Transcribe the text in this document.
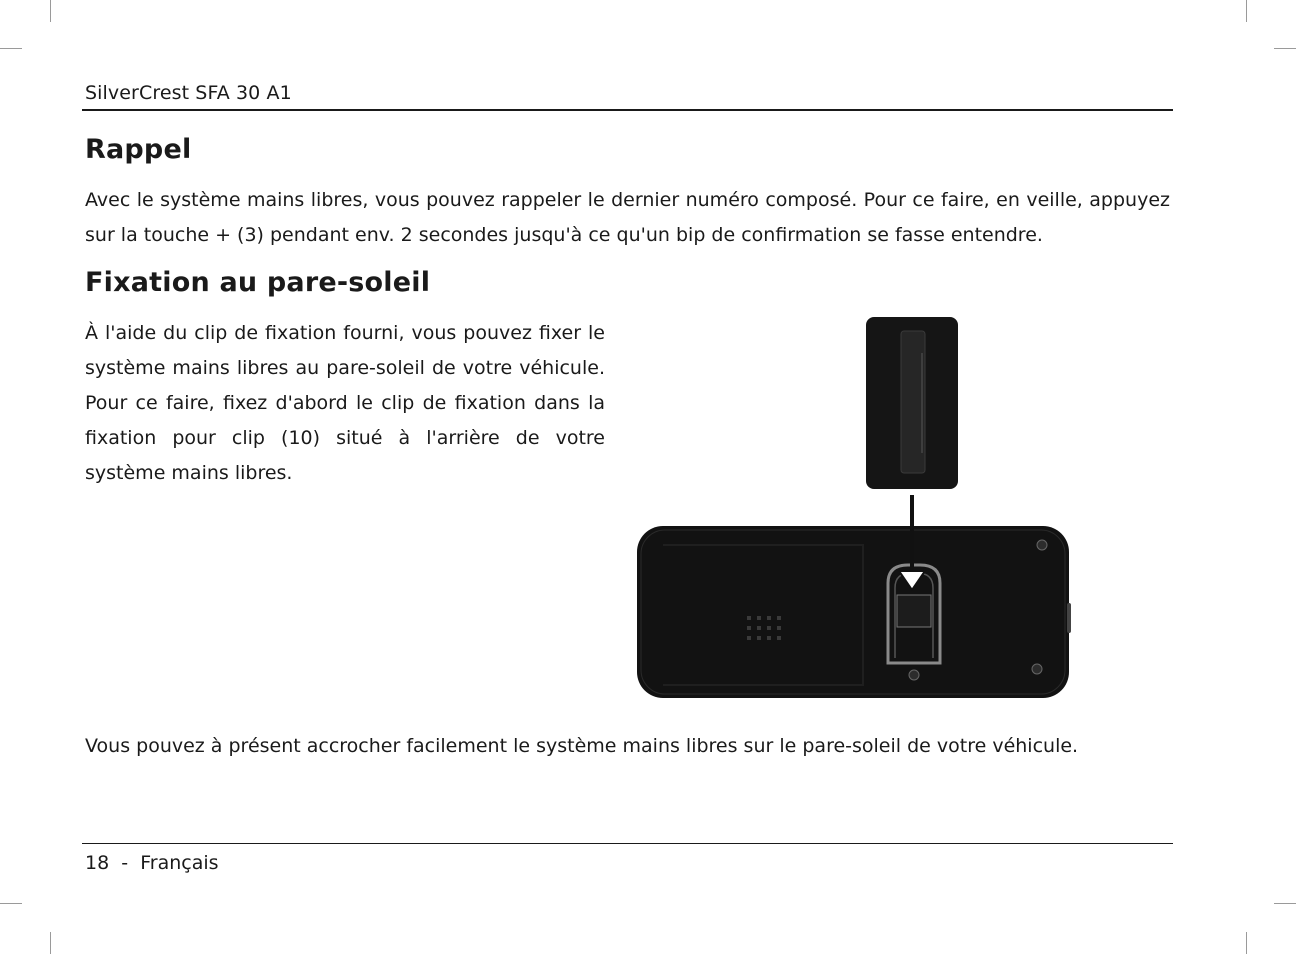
SilverCrest SFA 30 A1
Rappel

Avec le système mains libres, vous pouvez rappeler le dernier numéro composé. Pour ce faire, en veille, appuyez sur la touche + (3) pendant env. 2 secondes jusqu'à ce qu'un bip de confirmation se fasse entendre.

Fixation au pare-soleil

À l'aide du clip de fixation fourni, vous pouvez fixer le système mains libres au pare-soleil de votre véhicule. Pour ce faire, fixez d'abord le clip de fixation dans la fixation pour clip (10) situé à l'arrière de votre système mains libres.

Vous pouvez à présent accrocher facilement le système mains libres sur le pare-soleil de votre véhicule.

18 - Français
